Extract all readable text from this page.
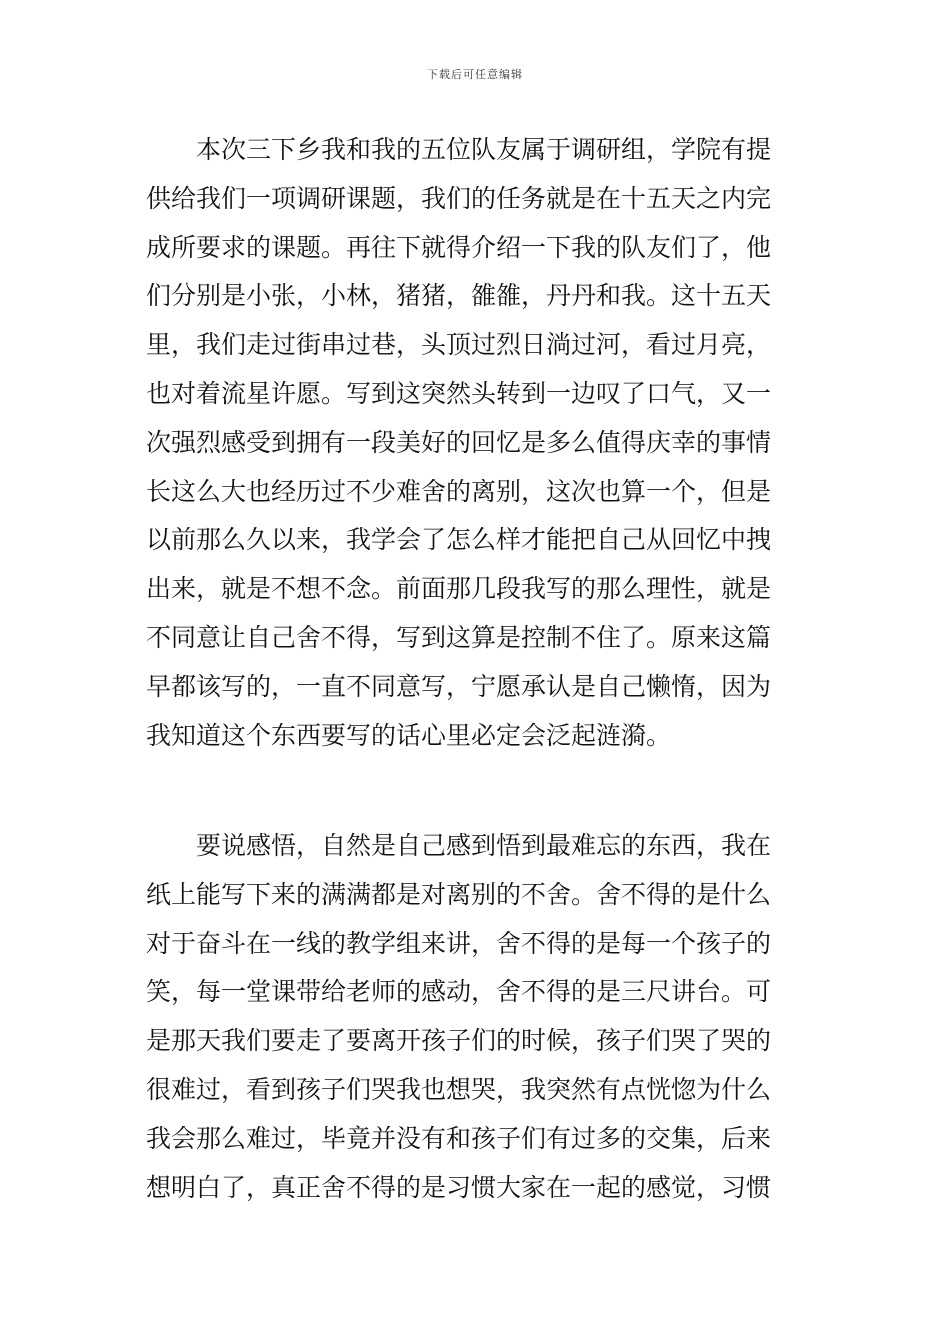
下载后可任意编辑
　　本次三下乡我和我的五位队友属于调研组，学院有提
供给我们一项调研课题，我们的任务就是在十五天之内完
成所要求的课题。再往下就得介绍一下我的队友们了，他
们分别是小张，小林，猪猪，雒雒，丹丹和我。这十五天
里，我们走过街串过巷，头顶过烈日淌过河，看过月亮，
也对着流星许愿。写到这突然头转到一边叹了口气，又一
次强烈感受到拥有一段美好的回忆是多么值得庆幸的事情
长这么大也经历过不少难舍的离别，这次也算一个，但是
以前那么久以来，我学会了怎么样才能把自己从回忆中拽
出来，就是不想不念。前面那几段我写的那么理性，就是
不同意让自己舍不得，写到这算是控制不住了。原来这篇
早都该写的，一直不同意写，宁愿承认是自己懒惰，因为
我知道这个东西要写的话心里必定会泛起涟漪。
　　要说感悟，自然是自己感到悟到最难忘的东西，我在
纸上能写下来的满满都是对离别的不舍。舍不得的是什么
对于奋斗在一线的教学组来讲，舍不得的是每一个孩子的
笑，每一堂课带给老师的感动，舍不得的是三尺讲台。可
是那天我们要走了要离开孩子们的时候，孩子们哭了哭的
很难过，看到孩子们哭我也想哭，我突然有点恍惚为什么
我会那么难过，毕竟并没有和孩子们有过多的交集，后来
想明白了，真正舍不得的是习惯大家在一起的感觉，习惯
